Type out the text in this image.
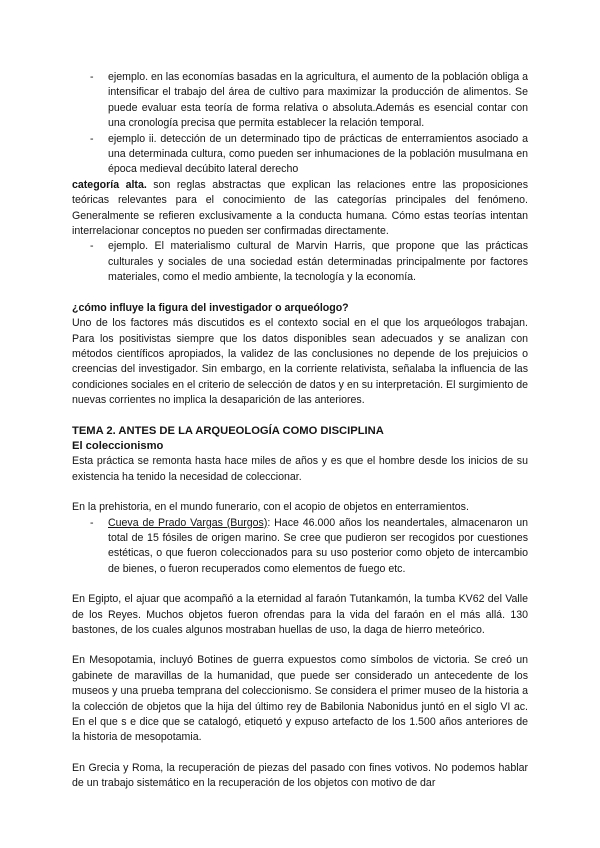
- ejemplo. en las economías basadas en la agricultura, el aumento de la población obliga a intensificar el trabajo del área de cultivo para maximizar la producción de alimentos. Se puede evaluar esta teoría de forma relativa o absoluta.Además es esencial contar con una cronología precisa que permita establecer la relación temporal.
- ejemplo ii. detección de un determinado tipo de prácticas de enterramientos asociado a una determinada cultura, como pueden ser inhumaciones de la población musulmana en época medieval decúbito lateral derecho

categoría alta. son reglas abstractas que explican las relaciones entre las proposiciones teóricas relevantes para el conocimiento de las categorías principales del fenómeno. Generalmente se refieren exclusivamente a la conducta humana. Cómo estas teorías intentan interrelacionar conceptos no pueden ser confirmadas directamente.

- ejemplo. El materialismo cultural de Marvin Harris, que propone que las prácticas culturales y sociales de una sociedad están determinadas principalmente por factores materiales, como el medio ambiente, la tecnología y la economía.

¿cómo influye la figura del investigador o arqueólogo?

Uno de los factores más discutidos es el contexto social en el que los arqueólogos trabajan. Para los positivistas siempre que los datos disponibles sean adecuados y se analizan con métodos científicos apropiados, la validez de las conclusiones no depende de los prejuicios o creencias del investigador. Sin embargo, en la corriente relativista, señalaba la influencia de las condiciones sociales en el criterio de selección de datos y en su interpretación. El surgimiento de nuevas corrientes no implica la desaparición de las anteriores.

TEMA 2. ANTES DE LA ARQUEOLOGÍA COMO DISCIPLINA

El coleccionismo

Esta práctica se remonta hasta hace miles de años y es que el hombre desde los inicios de su existencia ha tenido la necesidad de coleccionar.

En la prehistoria, en el mundo funerario, con el acopio de objetos en enterramientos.

- Cueva de Prado Vargas (Burgos): Hace 46.000 años los neandertales, almacenaron un total de 15 fósiles de origen marino. Se cree que pudieron ser recogidos por cuestiones estéticas, o que fueron coleccionados para su uso posterior como objeto de intercambio de bienes, o fueron recuperados como elementos de fuego etc.

En Egipto, el ajuar que acompañó a la eternidad al faraón Tutankamón, la tumba KV62 del Valle de los Reyes. Muchos objetos fueron ofrendas para la vida del faraón en el más allá. 130 bastones, de los cuales algunos mostraban huellas de uso, la daga de hierro meteórico.

En Mesopotamia, incluyó Botines de guerra expuestos como símbolos de victoria. Se creó un gabinete de maravillas de la humanidad, que puede ser considerado un antecedente de los museos y una prueba temprana del coleccionismo. Se considera el primer museo de la historia a la colección de objetos que la hija del último rey de Babilonia Nabonidus juntó en el siglo VI ac. En el que s e dice que se catalogó, etiquetó y expuso artefacto de los 1.500 años anteriores de la historia de mesopotamia.

En Grecia y Roma, la recuperación de piezas del pasado con fines votivos. No podemos hablar de un trabajo sistemático en la recuperación de los objetos con motivo de dar
